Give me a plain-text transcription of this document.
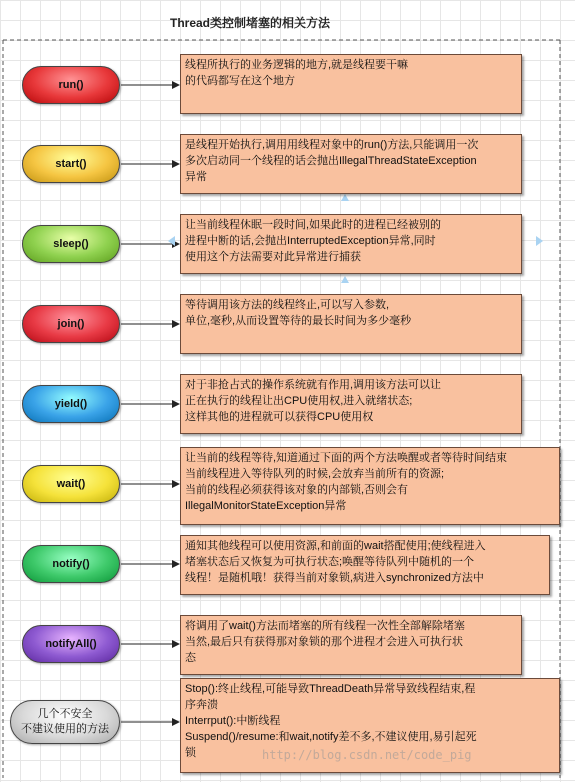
Thread类控制堵塞的相关方法
run()
线程所执行的业务逻辑的地方,就是线程要干嘛
的代码都写在这个地方
start()
是线程开始执行,调用用线程对象中的run()方法,只能调用一次
多次启动同一个线程的话会抛出IllegalThreadStateException
异常
sleep()
让当前线程休眠一段时间,如果此时的进程已经被别的
进程中断的话,会抛出InterruptedException异常,同时
使用这个方法需要对此异常进行捕获
join()
等待调用该方法的线程终止,可以写入参数,
单位,毫秒,从而设置等待的最长时间为多少毫秒
yield()
对于非抢占式的操作系统就有作用,调用该方法可以让
正在执行的线程让出CPU使用权,进入就绪状态;
这样其他的进程就可以获得CPU使用权
wait()
让当前的线程等待,知道通过下面的两个方法唤醒或者等待时间结束
当前线程进入等待队列的时候,会放弃当前所有的资源;
当前的线程必须获得该对象的内部锁,否则会有
IllegalMonitorStateException异常
notify()
通知其他线程可以使用资源,和前面的wait搭配使用;使线程进入
堵塞状态后又恢复为可执行状态;唤醒等待队列中随机的一个
线程！是随机哦！获得当前对象锁,病进入synchronized方法中
notifyAll()
将调用了wait()方法而堵塞的所有线程一次性全部解除堵塞
当然,最后只有获得那对象锁的那个进程才会进入可执行状
态
几个不安全
不建议使用的方法
Stop():终止线程,可能导致ThreadDeath异常导致线程结束,程
序奔溃
Interrput():中断线程
Suspend()/resume:和wait,notify差不多,不建议使用,易引起死
锁	http://blog.csdn.net/code_pig
